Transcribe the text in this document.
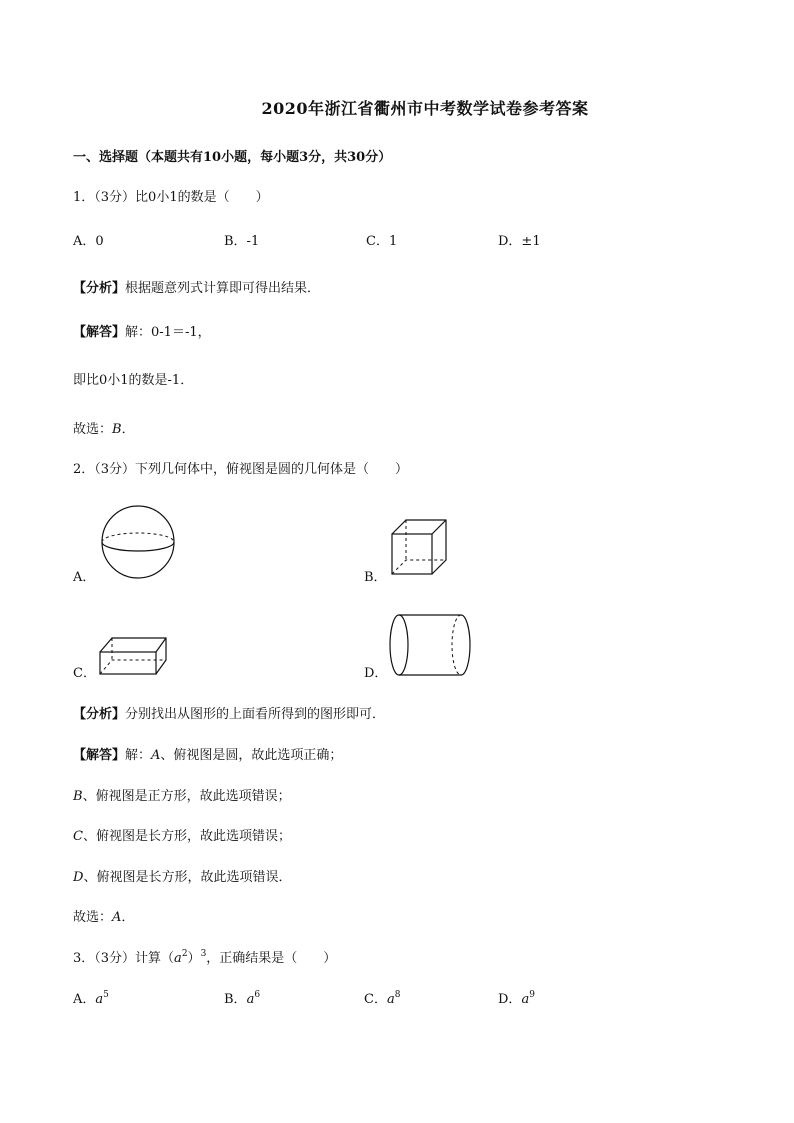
2020年浙江省衢州市中考数学试卷参考答案
一、选择题（本题共有10小题，每小题3分，共30分）
1．（3分）比0小1的数是（　　）
A．0	B．-1	C．1	D．±1
【分析】根据题意列式计算即可得出结果．
【解答】解：0-1＝-1，
即比0小1的数是-1．
故选：B．
2．（3分）下列几何体中，俯视图是圆的几何体是（　　）
A．	B．
C．	D．
【分析】分别找出从图形的上面看所得到的图形即可．
【解答】解：A、俯视图是圆，故此选项正确；
B、俯视图是正方形，故此选项错误；
C、俯视图是长方形，故此选项错误；
D、俯视图是长方形，故此选项错误．
故选：A．
3．（3分）计算$(a^2)^3$，正确结果是（　　）
A．$a^5$	B．$a^6$	C．$a^8$	D．$a^9$
